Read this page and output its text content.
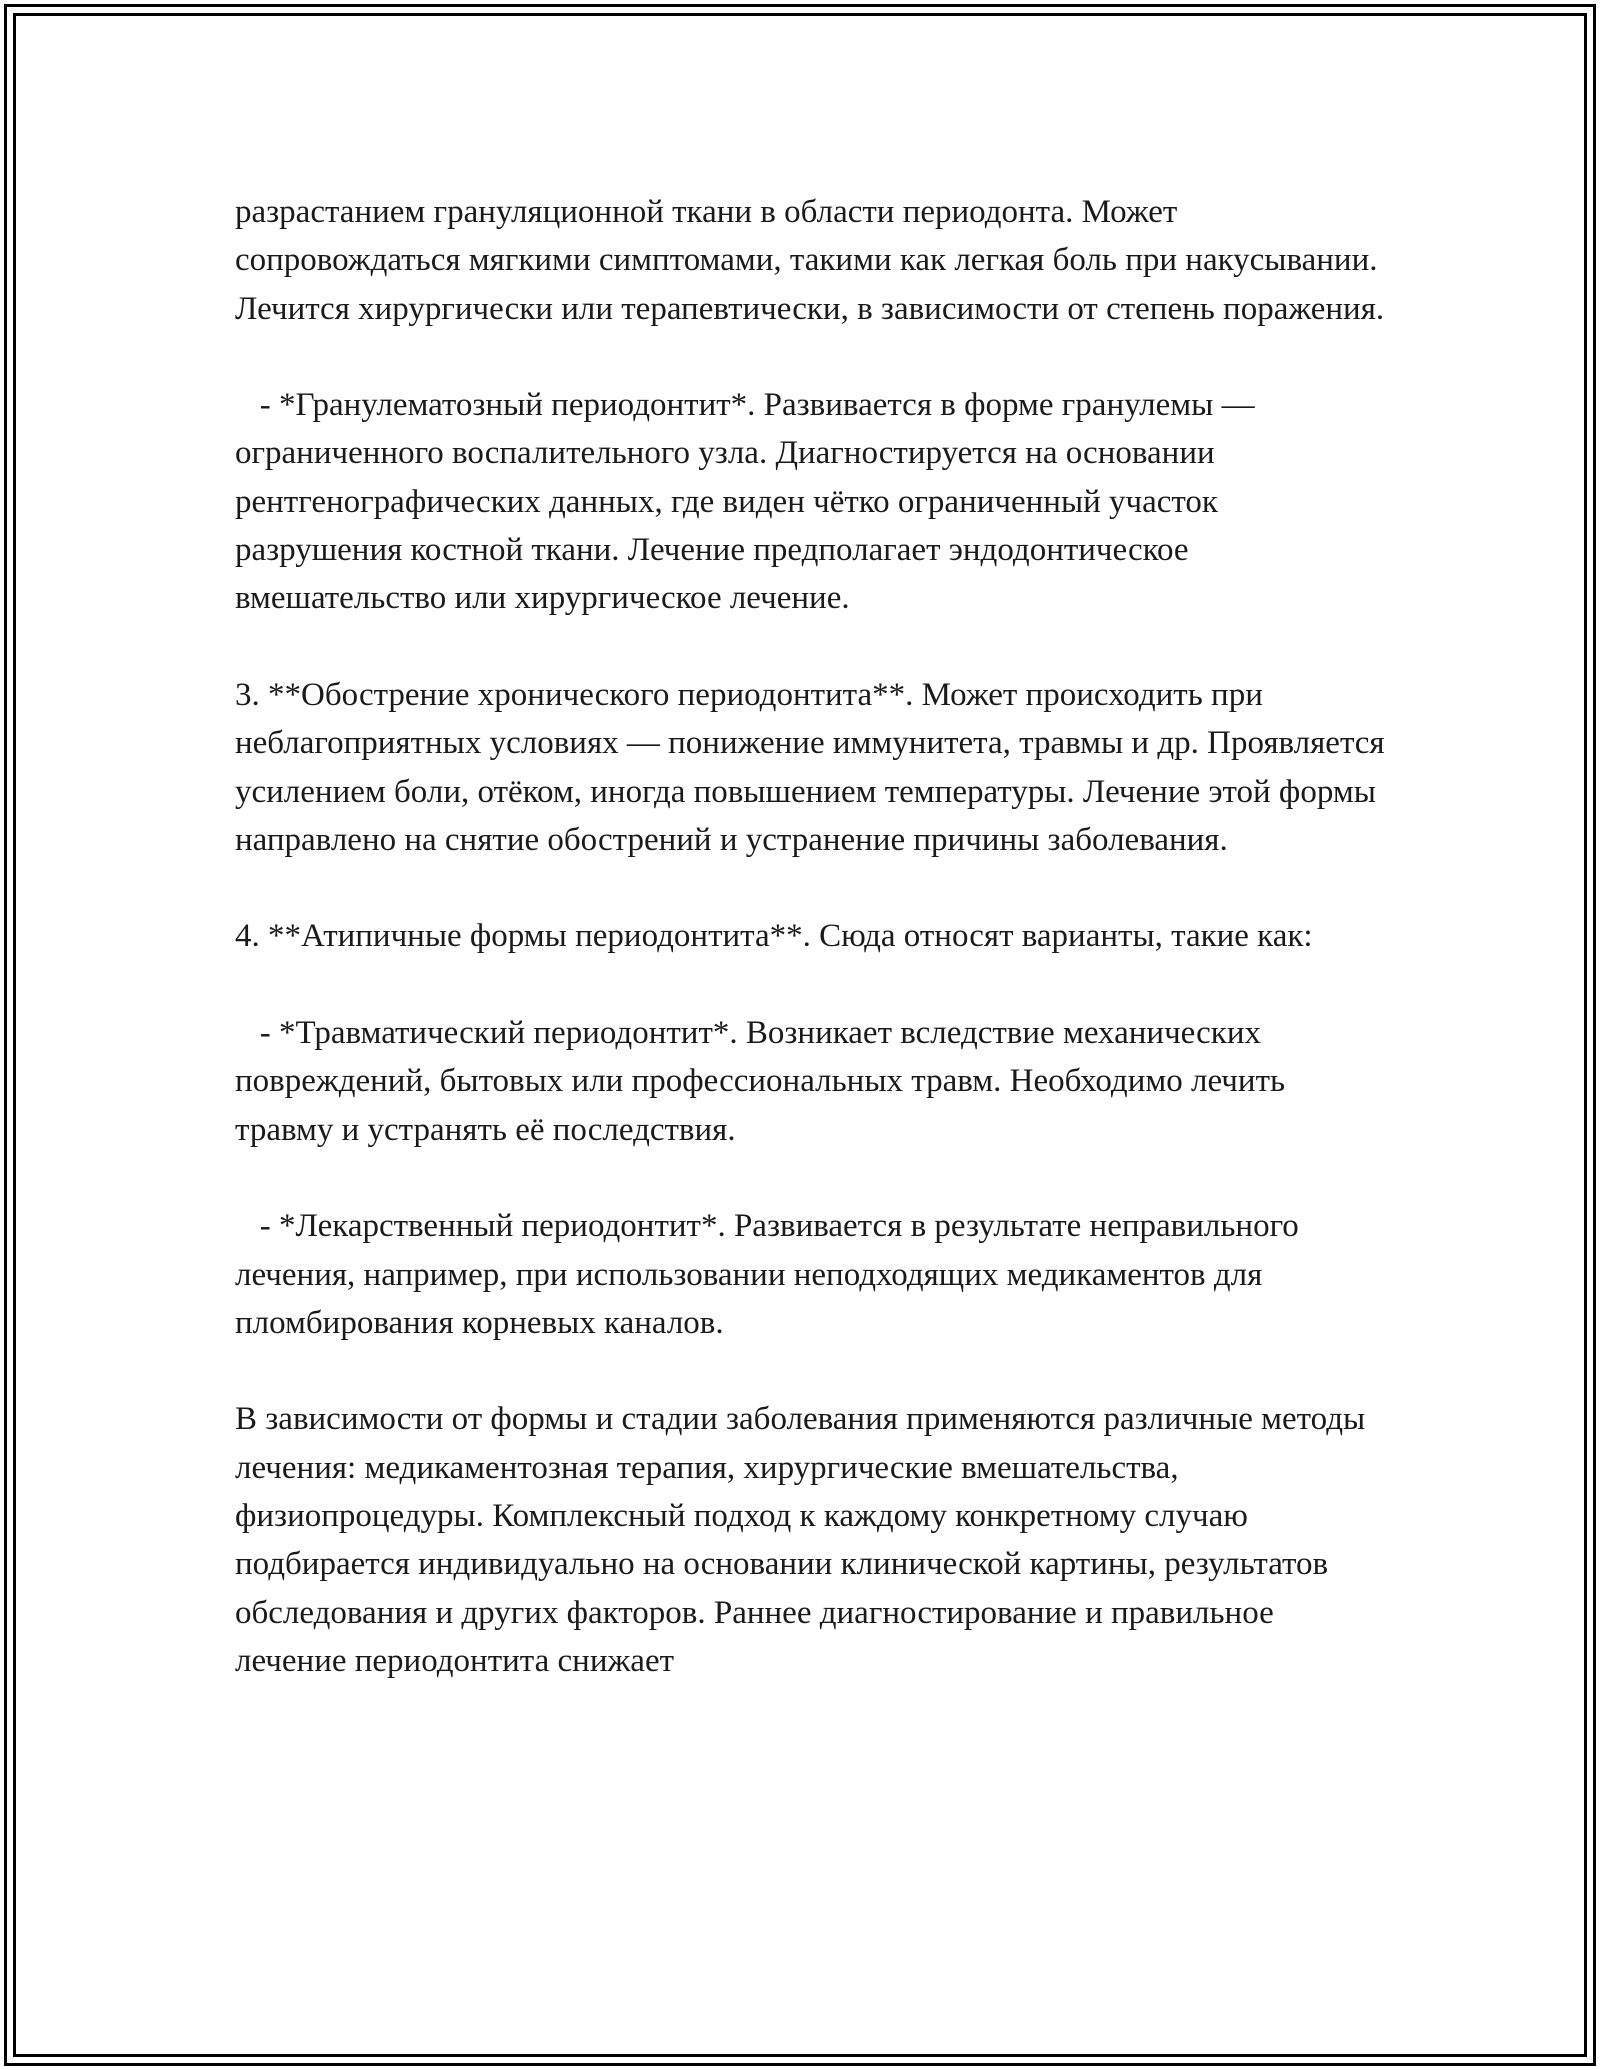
разрастанием грануляционной ткани в области периодонта. Может сопровождаться мягкими симптомами, такими как легкая боль при накусывании. Лечится хирургически или терапевтически, в зависимости от степень поражения.

- *Гранулематозный периодонтит*. Развивается в форме гранулемы — ограниченного воспалительного узла. Диагностируется на основании рентгенографических данных, где виден чётко ограниченный участок разрушения костной ткани. Лечение предполагает эндодонтическое вмешательство или хирургическое лечение.

3. **Обострение хронического периодонтита**. Может происходить при неблагоприятных условиях — понижение иммунитета, травмы и др. Проявляется усилением боли, отёком, иногда повышением температуры. Лечение этой формы направлено на снятие обострений и устранение причины заболевания.

4. **Атипичные формы периодонтита**. Сюда относят варианты, такие как:

- *Травматический периодонтит*. Возникает вследствие механических повреждений, бытовых или профессиональных травм. Необходимо лечить травму и устранять её последствия.

- *Лекарственный периодонтит*. Развивается в результате неправильного лечения, например, при использовании неподходящих медикаментов для пломбирования корневых каналов.

В зависимости от формы и стадии заболевания применяются различные методы лечения: медикаментозная терапия, хирургические вмешательства, физиопроцедуры. Комплексный подход к каждому конкретному случаю подбирается индивидуально на основании клинической картины, результатов обследования и других факторов. Раннее диагностирование и правильное лечение периодонтита снижает
